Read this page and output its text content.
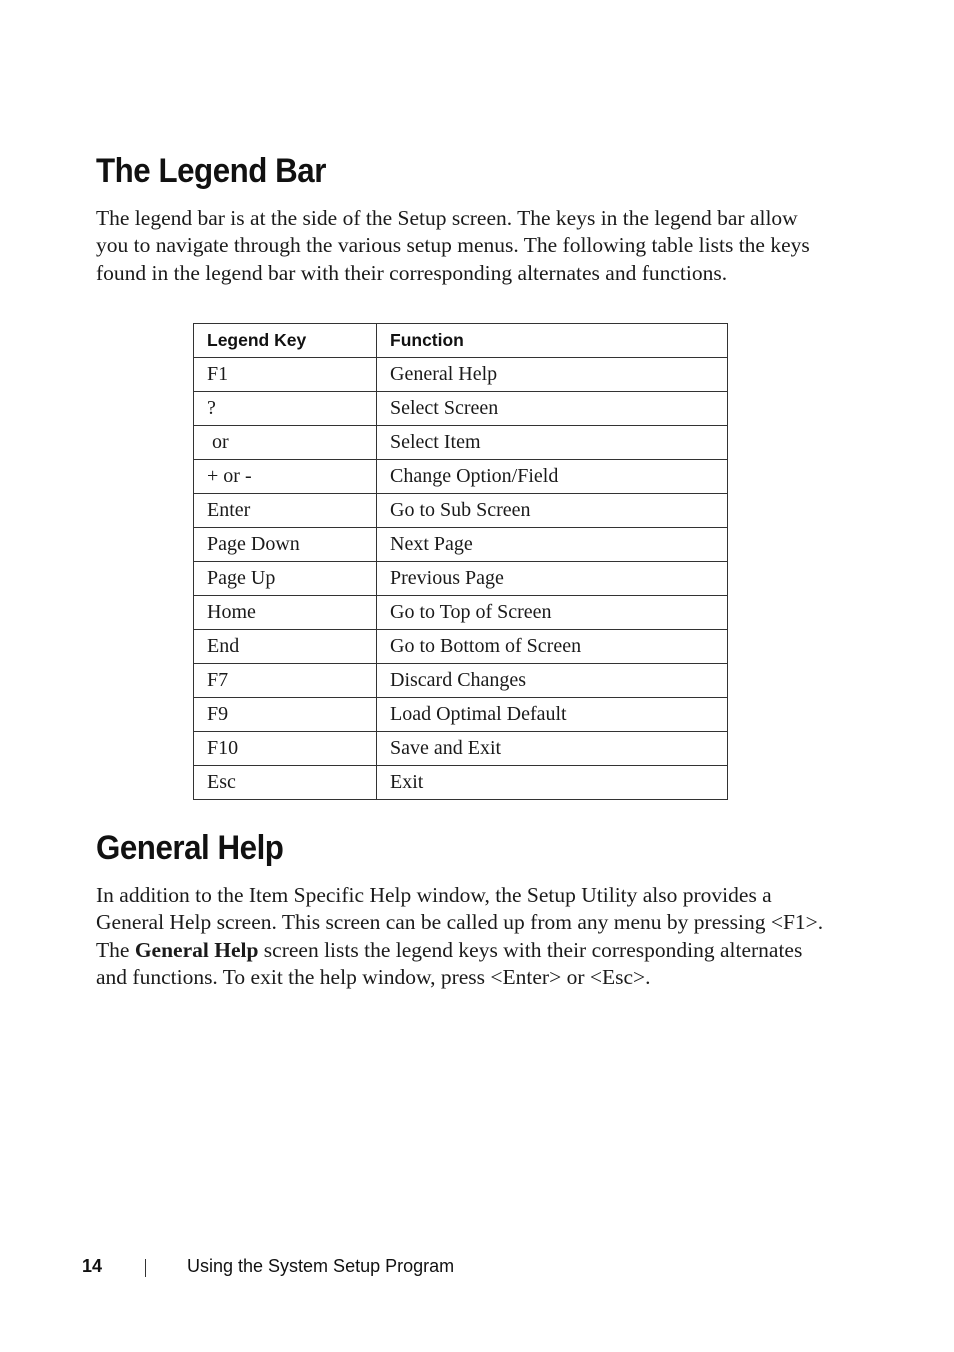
The Legend Bar

The legend bar is at the side of the Setup screen. The keys in the legend bar allow you to navigate through the various setup menus. The following table lists the keys found in the legend bar with their corresponding alternates and functions.

Legend Key	Function
F1	General Help
?	Select Screen
or	Select Item
+ or -	Change Option/Field
Enter	Go to Sub Screen
Page Down	Next Page
Page Up	Previous Page
Home	Go to Top of Screen
End	Go to Bottom of Screen
F7	Discard Changes
F9	Load Optimal Default
F10	Save and Exit
Esc	Exit
General Help

In addition to the Item Specific Help window, the Setup Utility also provides a General Help screen. This screen can be called up from any menu by pressing <F1>. The General Help screen lists the legend keys with their corresponding alternates and functions. To exit the help window, press <Enter> or <Esc>.

14	Using the System Setup Program
